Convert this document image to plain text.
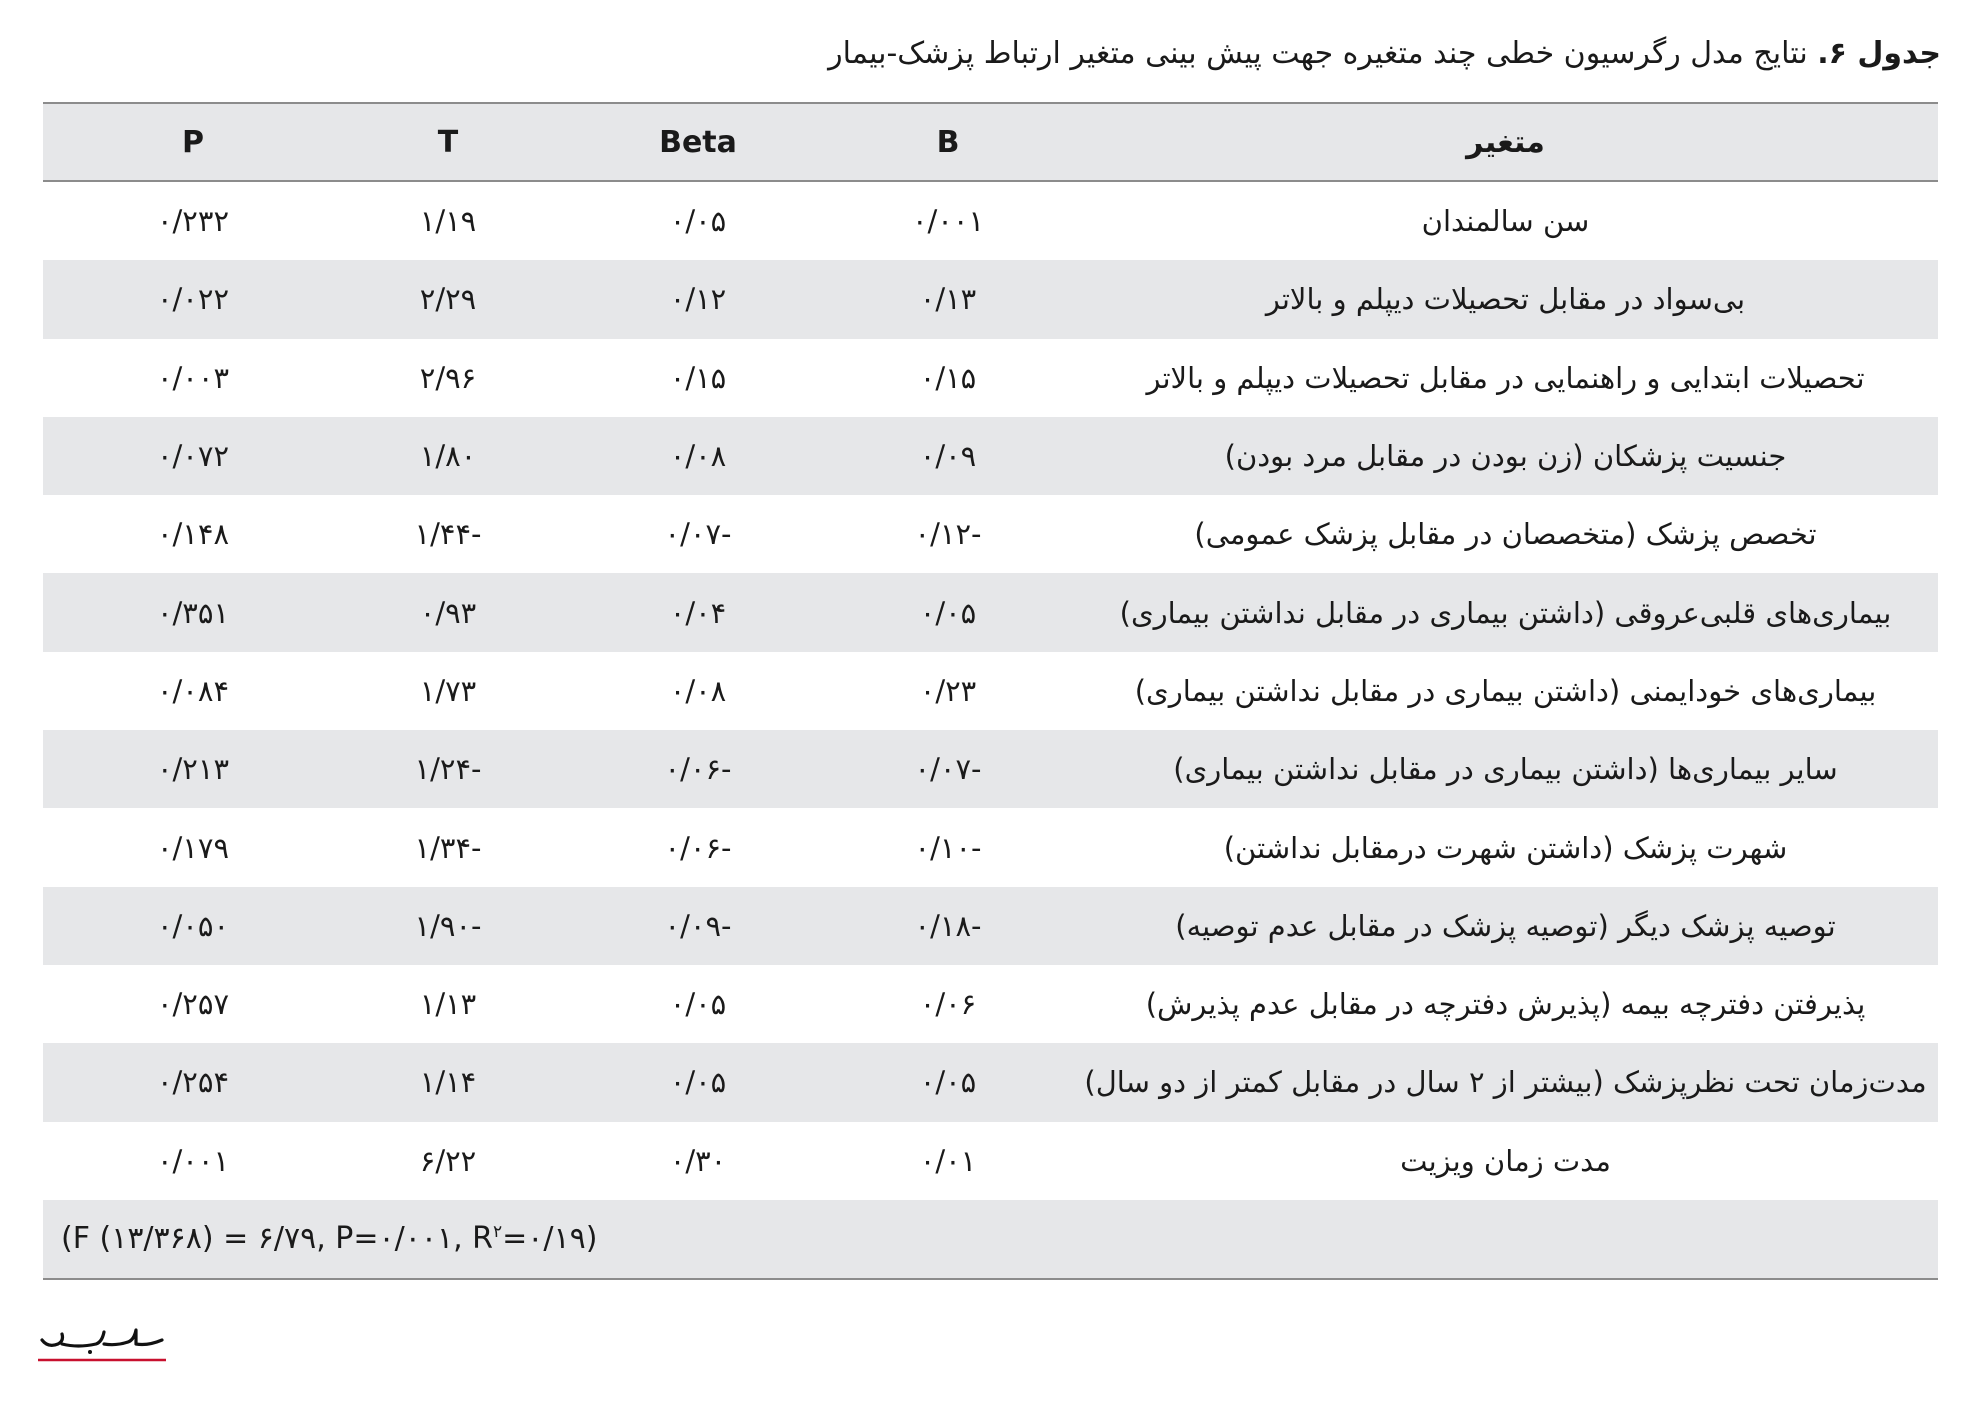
جدول ۶. نتایج مدل رگرسیون خطی چند متغیره جهت پیش بینی متغیر ارتباط پزشک-بیمار
P	T	Beta	B	متغیر
۰/۲۳۲	۱/۱۹	۰/۰۵	۰/۰۰۱	سن سالمندان
۰/۰۲۲	۲/۲۹	۰/۱۲	۰/۱۳	بی‌سواد در مقابل تحصیلات دیپلم و بالاتر
۰/۰۰۳	۲/۹۶	۰/۱۵	۰/۱۵	تحصیلات ابتدایی و راهنمایی در مقابل تحصیلات دیپلم و بالاتر
۰/۰۷۲	۱/۸۰	۰/۰۸	۰/۰۹	جنسیت پزشکان (زن بودن در مقابل مرد بودن)
۰/۱۴۸	-۱/۴۴	-۰/۰۷	-۰/۱۲	تخصص پزشک (متخصصان در مقابل پزشک عمومی)
۰/۳۵۱	۰/۹۳	۰/۰۴	۰/۰۵	بیماری‌های قلبی‌عروقی (داشتن بیماری در مقابل نداشتن بیماری)
۰/۰۸۴	۱/۷۳	۰/۰۸	۰/۲۳	بیماری‌های خودایمنی (داشتن بیماری در مقابل نداشتن بیماری)
۰/۲۱۳	-۱/۲۴	-۰/۰۶	-۰/۰۷	سایر بیماری‌ها (داشتن بیماری در مقابل نداشتن بیماری)
۰/۱۷۹	-۱/۳۴	-۰/۰۶	-۰/۱۰	شهرت پزشک (داشتن شهرت درمقابل نداشتن)
۰/۰۵۰	-۱/۹۰	-۰/۰۹	-۰/۱۸	توصیه پزشک دیگر (توصیه پزشک در مقابل عدم توصیه)
۰/۲۵۷	۱/۱۳	۰/۰۵	۰/۰۶	پذیرفتن دفترچه بیمه (پذیرش دفترچه در مقابل عدم پذیرش)
۰/۲۵۴	۱/۱۴	۰/۰۵	۰/۰۵	مدت‌زمان تحت نظرپزشک (بیشتر از ۲ سال در مقابل کمتر از دو سال)
۰/۰۰۱	۶/۲۲	۰/۳۰	۰/۰۱	مدت زمان ویزیت
(F (۱۳/۳۶۸) = ۶/۷۹, P=۰/۰۰۱, $R^۲=۰/۱۹$)
